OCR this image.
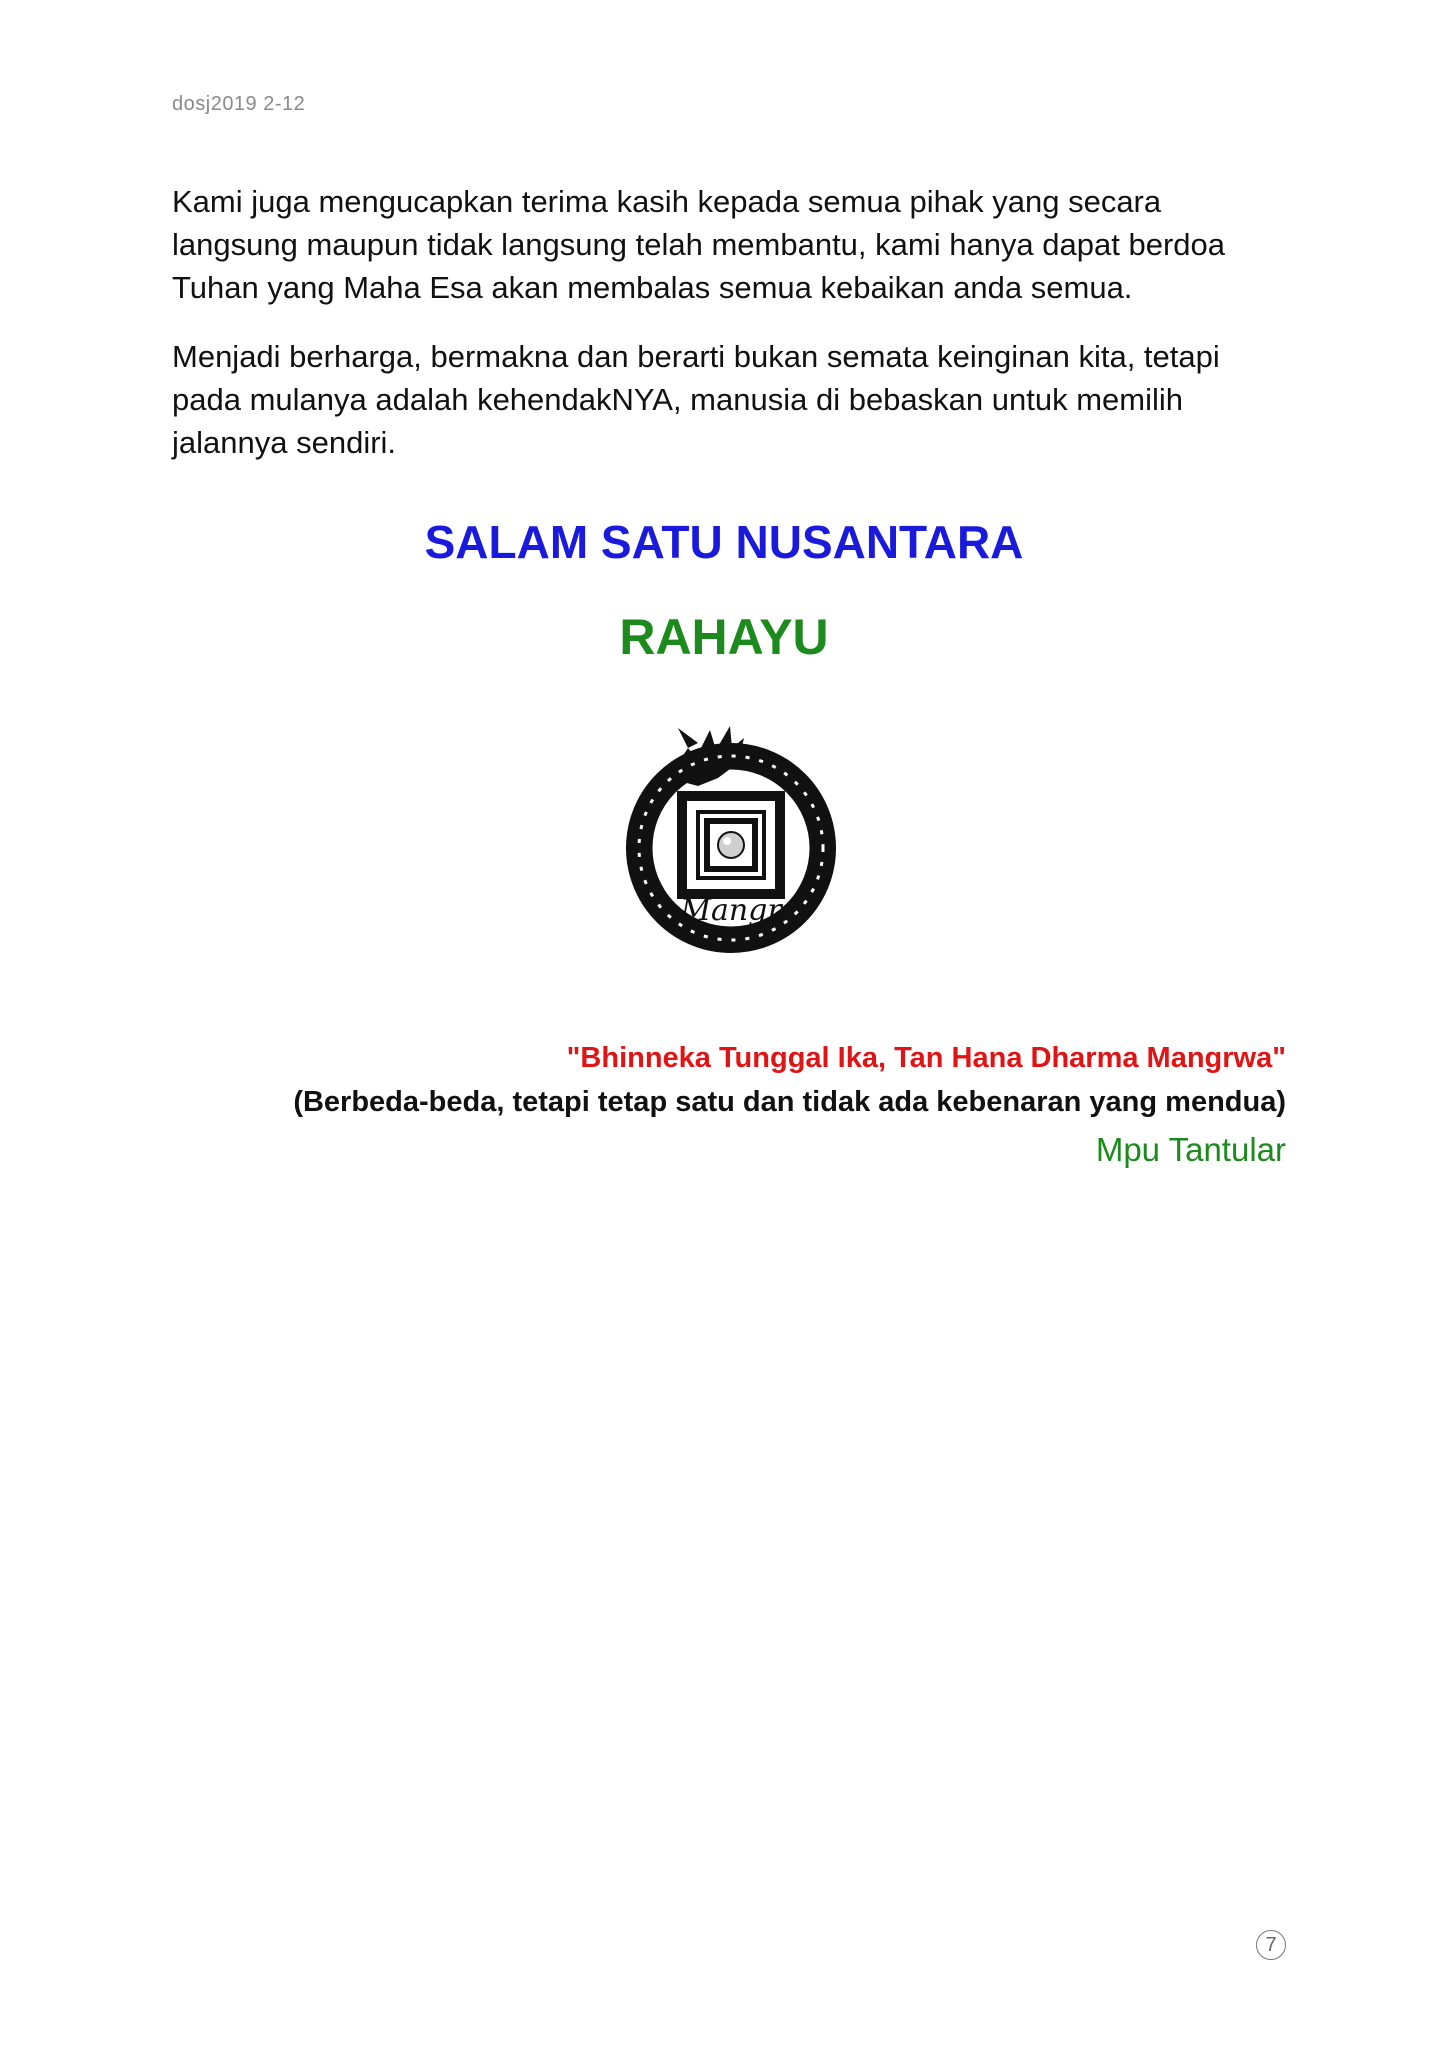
dosj2019 2-12

Kami juga mengucapkan terima kasih kepada semua pihak yang secara langsung maupun tidak langsung telah membantu, kami hanya dapat berdoa Tuhan yang Maha Esa akan membalas semua kebaikan anda semua.

Menjadi berharga, bermakna dan berarti bukan semata keinginan kita, tetapi pada mulanya adalah kehendakNYA, manusia di bebaskan untuk memilih jalannya sendiri.

SALAM SATU NUSANTARA
RAHAYU
Mangr
"Bhinneka Tunggal Ika, Tan Hana Dharma Mangrwa"
(Berbeda-beda, tetapi tetap satu dan tidak ada kebenaran yang mendua)
Mpu Tantular
7
